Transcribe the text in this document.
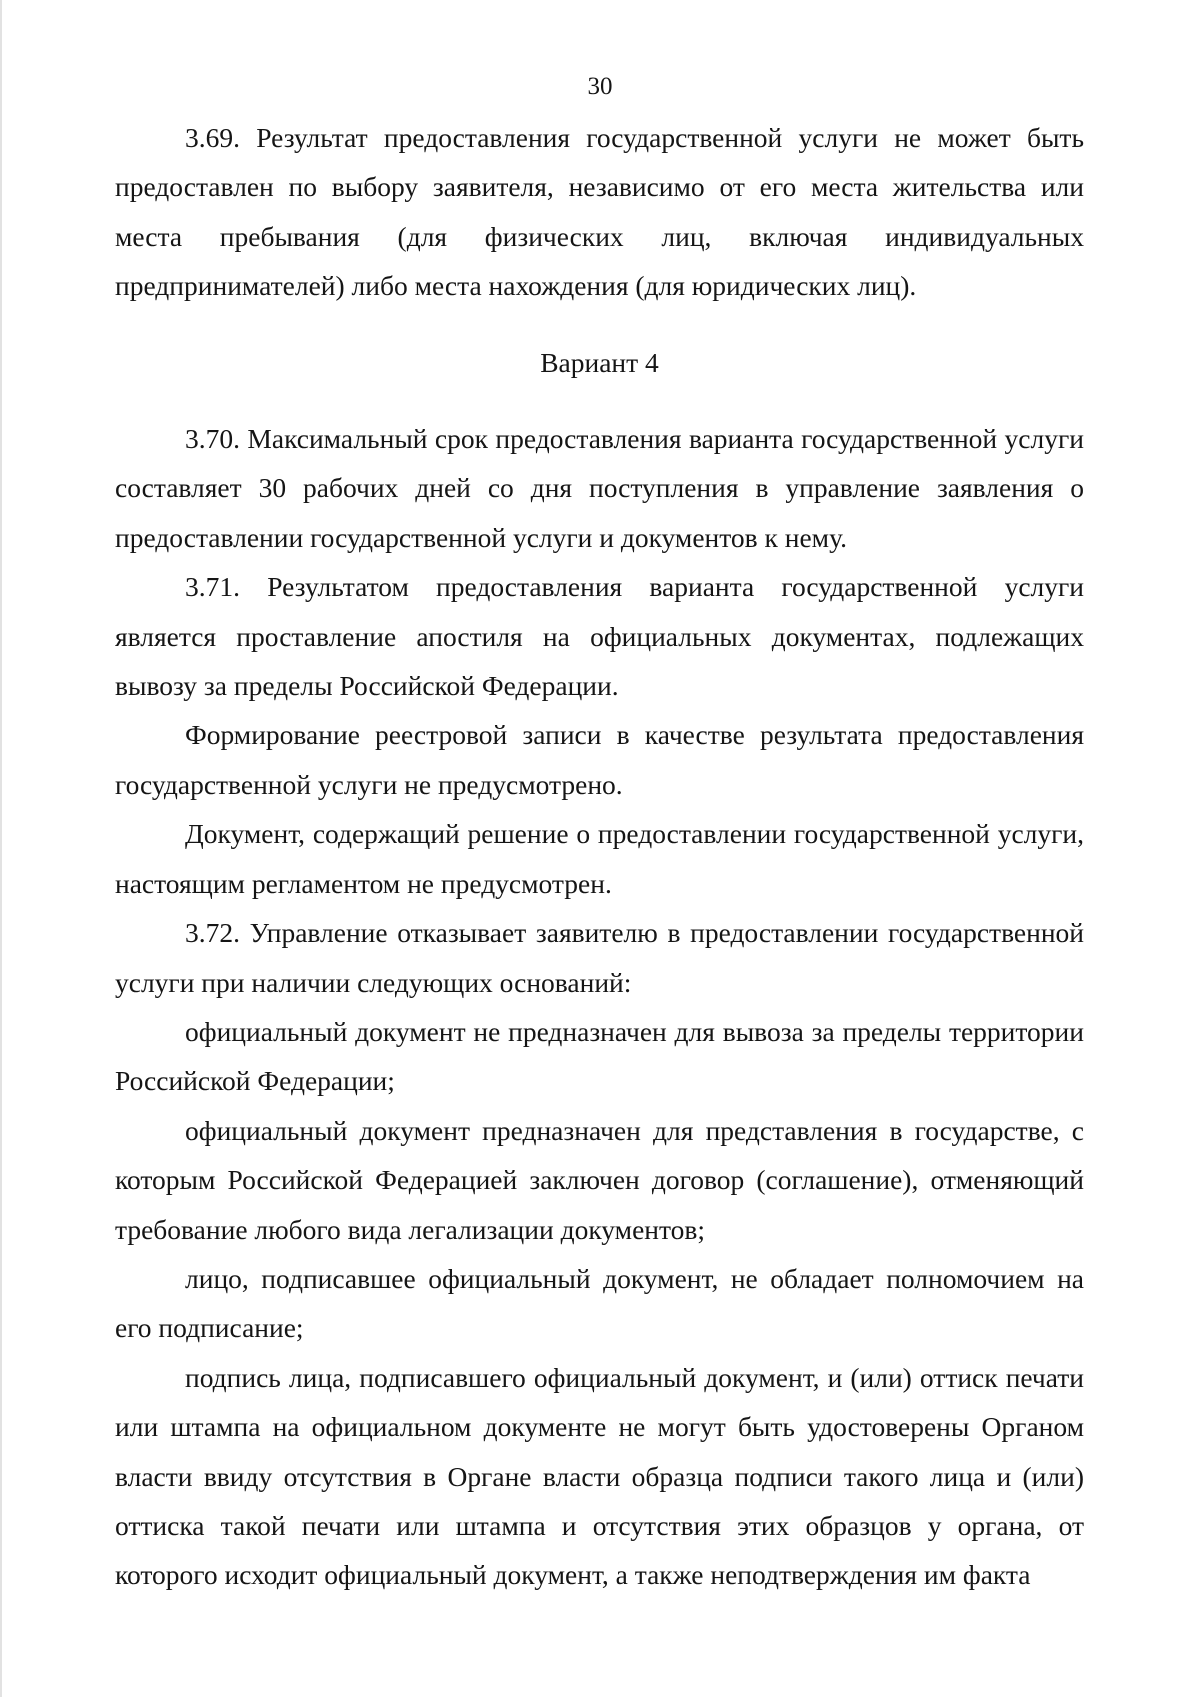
30

3.69. Результат предоставления государственной услуги не может быть предоставлен по выбору заявителя, независимо от его места жительства или места пребывания (для физических лиц, включая индивидуальных предпринимателей) либо места нахождения (для юридических лиц).

Вариант 4

3.70. Максимальный срок предоставления варианта государственной услуги составляет 30 рабочих дней со дня поступления в управление заявления о предоставлении государственной услуги и документов к нему.

3.71. Результатом предоставления варианта государственной услуги является проставление апостиля на официальных документах, подлежащих вывозу за пределы Российской Федерации.

Формирование реестровой записи в качестве результата предоставления государственной услуги не предусмотрено.

Документ, содержащий решение о предоставлении государственной услуги, настоящим регламентом не предусмотрен.

3.72. Управление отказывает заявителю в предоставлении государственной услуги при наличии следующих оснований:

официальный документ не предназначен для вывоза за пределы территории Российской Федерации;

официальный документ предназначен для представления в государстве, с которым Российской Федерацией заключен договор (соглашение), отменяющий требование любого вида легализации документов;

лицо, подписавшее официальный документ, не обладает полномочием на его подписание;

подпись лица, подписавшего официальный документ, и (или) оттиск печати или штампа на официальном документе не могут быть удостоверены Органом власти ввиду отсутствия в Органе власти образца подписи такого лица и (или) оттиска такой печати или штампа и отсутствия этих образцов у органа, от которого исходит официальный документ, а также неподтверждения им факта
